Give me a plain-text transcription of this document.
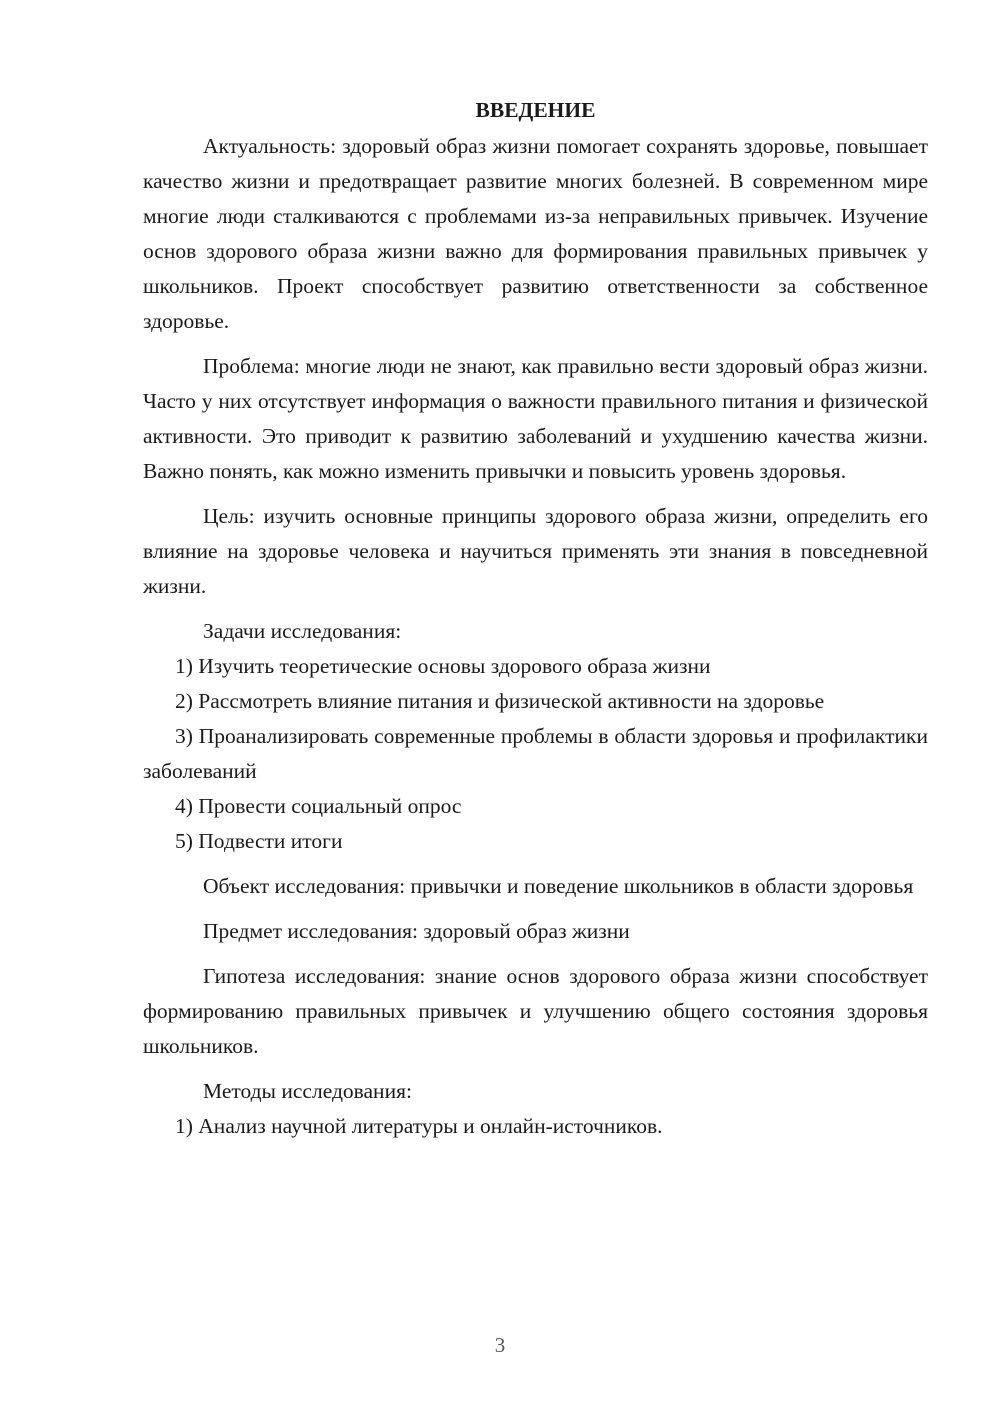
ВВЕДЕНИЕ

Актуальность: здоровый образ жизни помогает сохранять здоровье, повышает качество жизни и предотвращает развитие многих болезней. В современном мире многие люди сталкиваются с проблемами из-за неправильных привычек. Изучение основ здорового образа жизни важно для формирования правильных привычек у школьников. Проект способствует развитию ответственности за собственное здоровье.

Проблема: многие люди не знают, как правильно вести здоровый образ жизни. Часто у них отсутствует информация о важности правильного питания и физической активности. Это приводит к развитию заболеваний и ухудшению качества жизни. Важно понять, как можно изменить привычки и повысить уровень здоровья.

Цель: изучить основные принципы здорового образа жизни, определить его влияние на здоровье человека и научиться применять эти знания в повседневной жизни.

Задачи исследования:

1) Изучить теоретические основы здорового образа жизни

2) Рассмотреть влияние питания и физической активности на здоровье

3) Проанализировать современные проблемы в области здоровья и профилактики заболеваний

4) Провести социальный опрос

5) Подвести итоги

Объект исследования: привычки и поведение школьников в области здоровья

Предмет исследования: здоровый образ жизни

Гипотеза исследования: знание основ здорового образа жизни способствует формированию правильных привычек и улучшению общего состояния здоровья школьников.

Методы исследования:

1) Анализ научной литературы и онлайн-источников.

3
